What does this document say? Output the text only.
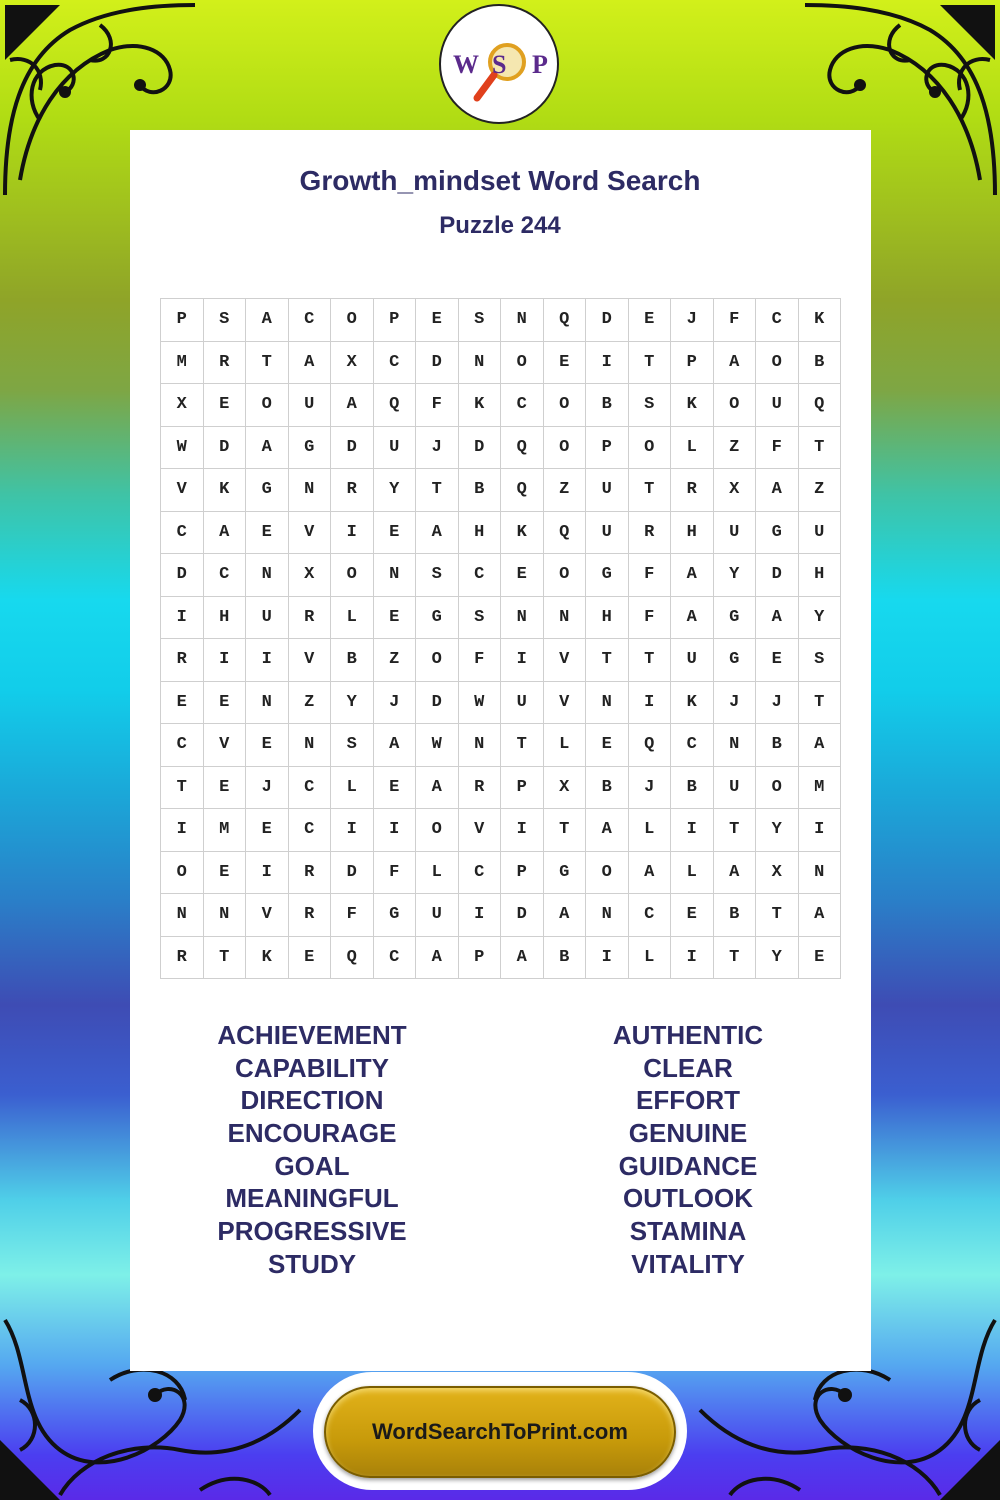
W S P
Growth_mindset Word Search
Puzzle 244
P	S	A	C	O	P	E	S	N	Q	D	E	J	F	C	K
M	R	T	A	X	C	D	N	O	E	I	T	P	A	O	B
X	E	O	U	A	Q	F	K	C	O	B	S	K	O	U	Q
W	D	A	G	D	U	J	D	Q	O	P	O	L	Z	F	T
V	K	G	N	R	Y	T	B	Q	Z	U	T	R	X	A	Z
C	A	E	V	I	E	A	H	K	Q	U	R	H	U	G	U
D	C	N	X	O	N	S	C	E	O	G	F	A	Y	D	H
I	H	U	R	L	E	G	S	N	N	H	F	A	G	A	Y
R	I	I	V	B	Z	O	F	I	V	T	T	U	G	E	S
E	E	N	Z	Y	J	D	W	U	V	N	I	K	J	J	T
C	V	E	N	S	A	W	N	T	L	E	Q	C	N	B	A
T	E	J	C	L	E	A	R	P	X	B	J	B	U	O	M
I	M	E	C	I	I	O	V	I	T	A	L	I	T	Y	I
O	E	I	R	D	F	L	C	P	G	O	A	L	A	X	N
N	N	V	R	F	G	U	I	D	A	N	C	E	B	T	A
R	T	K	E	Q	C	A	P	A	B	I	L	I	T	Y	E
ACHIEVEMENT
CAPABILITY
DIRECTION
ENCOURAGE
GOAL
MEANINGFUL
PROGRESSIVE
STUDY
AUTHENTIC
CLEAR
EFFORT
GENUINE
GUIDANCE
OUTLOOK
STAMINA
VITALITY
WordSearchToPrint.com
